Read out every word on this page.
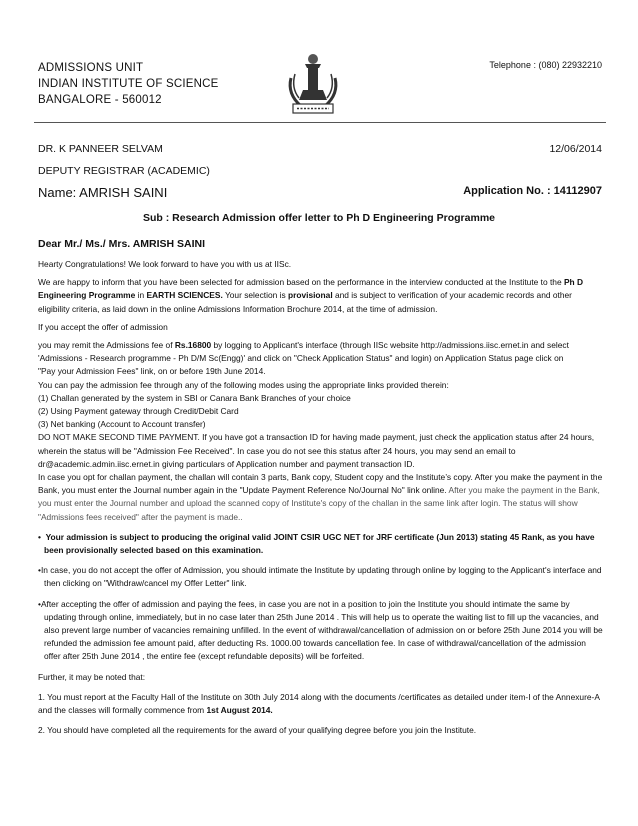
ADMISSIONS UNIT
INDIAN INSTITUTE OF SCIENCE
BANGALORE - 560012
Telephone : (080) 22932210
DR. K PANNEER SELVAM	12/06/2014
DEPUTY REGISTRAR (ACADEMIC)
Name: AMRISH SAINI	Application No. : 14112907
Sub : Research Admission offer letter to Ph D Engineering Programme
Dear Mr./ Ms./ Mrs. AMRISH SAINI

Hearty Congratulations! We look forward to have you with us at IISc.

We are happy to inform that you have been selected for admission based on the performance in the interview conducted at the Institute to the Ph D Engineering Programme in EARTH SCIENCES. Your selection is provisional and is subject to verification of your academic records and other eligibility criteria, as laid down in the online Admissions Information Brochure 2014, at the time of admission.

If you accept the offer of admission

you may remit the Admissions fee of Rs.16800 by logging to Applicant's interface (through IISc website http://admissions.iisc.ernet.in and select
'Admissions - Research programme - Ph D/M Sc(Engg)' and click on "Check Application Status" and login) on Application Status page click on
"Pay your Admission Fees" link, on or before 19th June 2014.

You can pay the admission fee through any of the following modes using the appropriate links provided therein:

(1) Challan generated by the system in SBI or Canara Bank Branches of your choice

(2) Using Payment gateway through Credit/Debit Card

(3) Net banking (Account to Account transfer)

DO NOT MAKE SECOND TIME PAYMENT. If you have got a transaction ID for having made payment, just check the application status after 24 hours, wherein the status will be "Admission Fee Received". In case you do not see this status after 24 hours, you may send an email to dr@academic.admin.iisc.ernet.in giving particulars of Application number and payment transaction ID.

In case you opt for challan payment, the challan will contain 3 parts, Bank copy, Student copy and the Institute’s copy. After you make the payment in the Bank, you must enter the Journal number again in the "Update Payment Reference No/Journal No" link online. After you make the payment in the Bank, you must enter the Journal number and upload the scanned copy of Institute's copy of the challan in the same link after login. The status will show "Admissions fees received" after the payment is made..

•  Your admission is subject to producing the original valid JOINT CSIR UGC NET for JRF certificate (Jun 2013) stating 45 Rank, as you have been provisionally selected based on this examination.

•In case, you do not accept the offer of Admission, you should intimate the Institute by updating through online by logging to the Applicant's interface and then clicking on "Withdraw/cancel my Offer Letter" link.

•After accepting the offer of admission and paying the fees, in case you are not in a position to join the Institute you should intimate the same by updating through online, immediately, but in no case later than 25th June 2014 . This will help us to operate the waiting list to fill up the vacancies, and also prevent large number of vacancies remaining unfilled. In the event of withdrawal/cancellation of admission on or before 25th June 2014 you will be refunded the admission fee amount paid, after deducting Rs. 1000.00 towards cancellation fee. In case of withdrawal/cancellation of the admission offer after 25th June 2014 , the entire fee (except refundable deposits) will be forfeited.

Further, it may be noted that:

1. You must report at the Faculty Hall of the Institute on 30th July 2014 along with the documents /certificates as detailed under item-I of the Annexure-A and the classes will formally commence from 1st August 2014.

2. You should have completed all the requirements for the award of your qualifying degree before you join the Institute.
